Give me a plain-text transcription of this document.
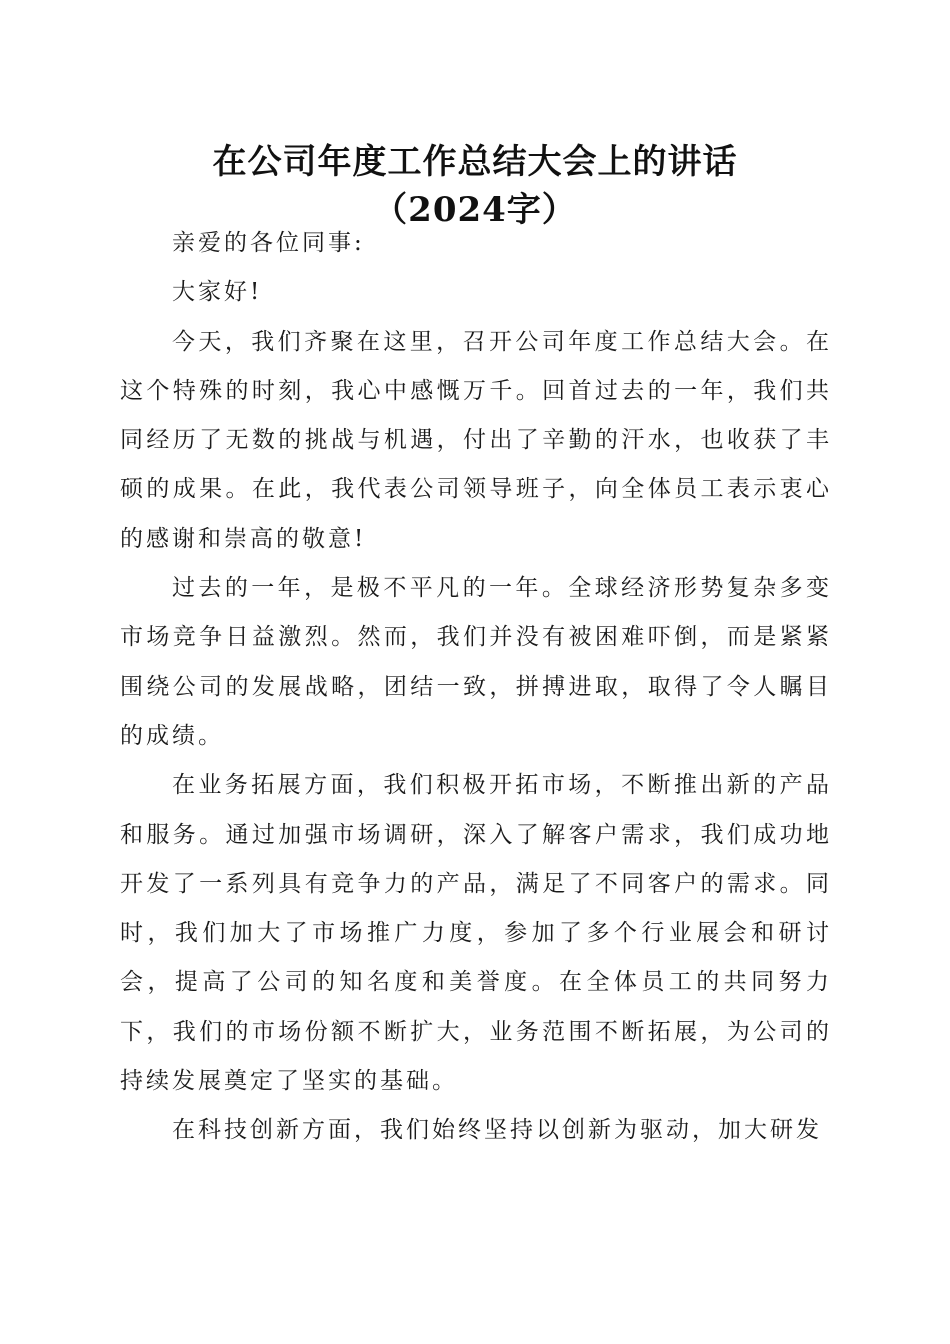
在公司年度工作总结大会上的讲话（2024字）

亲爱的各位同事:

大家好!

今天，我们齐聚在这里，召开公司年度工作总结大会。在这个特殊的时刻，我心中感慨万千。回首过去的一年，我们共同经历了无数的挑战与机遇，付出了辛勤的汗水，也收获了丰硕的成果。在此，我代表公司领导班子，向全体员工表示衷心的感谢和崇高的敬意!

过去的一年，是极不平凡的一年。全球经济形势复杂多变市场竞争日益激烈。然而，我们并没有被困难吓倒，而是紧紧围绕公司的发展战略，团结一致，拼搏进取，取得了令人瞩目的成绩。

在业务拓展方面，我们积极开拓市场，不断推出新的产品和服务。通过加强市场调研，深入了解客户需求，我们成功地开发了一系列具有竞争力的产品，满足了不同客户的需求。同时，我们加大了市场推广力度，参加了多个行业展会和研讨会，提高了公司的知名度和美誉度。在全体员工的共同努力下，我们的市场份额不断扩大，业务范围不断拓展，为公司的持续发展奠定了坚实的基础。

在科技创新方面，我们始终坚持以创新为驱动，加大研发
